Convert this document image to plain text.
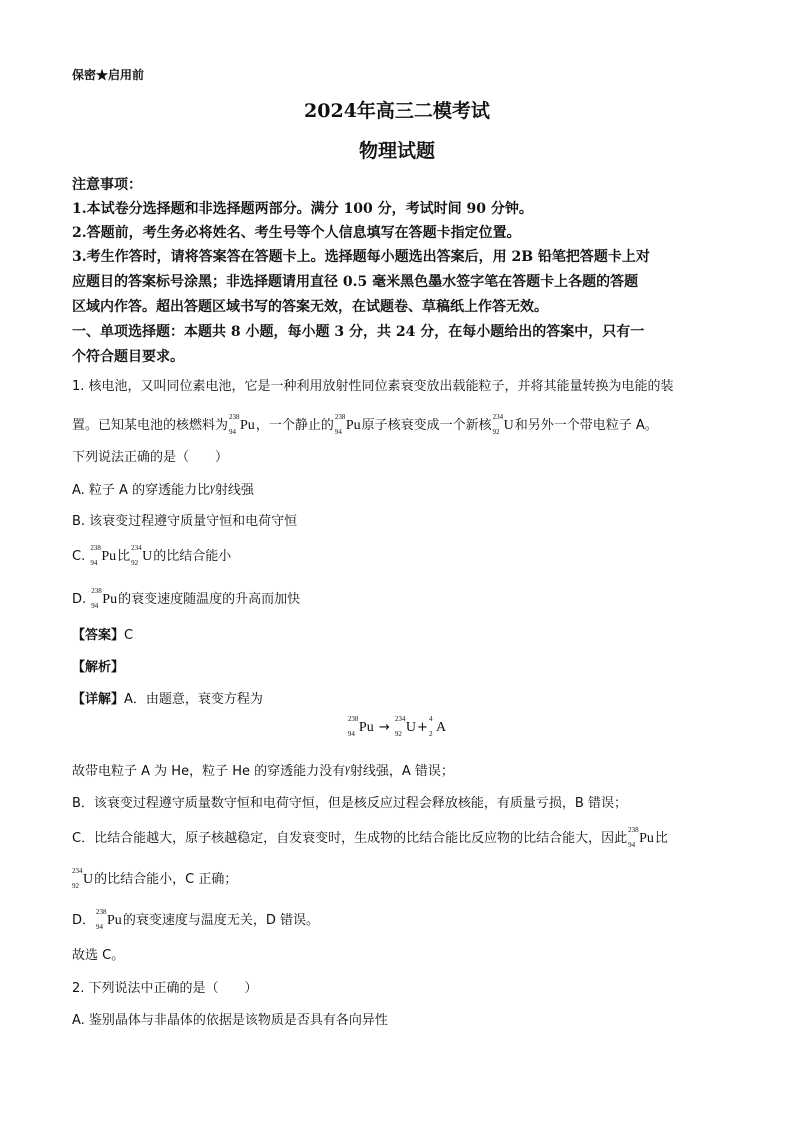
保密★启用前
2024年高三二模考试
物理试题
注意事项：
1.本试卷分选择题和非选择题两部分。满分 100 分，考试时间 90 分钟。
2.答题前，考生务必将姓名、考生号等个人信息填写在答题卡指定位置。
3.考生作答时，请将答案答在答题卡上。选择题每小题选出答案后，用 2B 铅笔把答题卡上对
应题目的答案标号涂黑；非选择题请用直径 0.5 毫米黑色墨水签字笔在答题卡上各题的答题
区域内作答。超出答题区域书写的答案无效，在试题卷、草稿纸上作答无效。
一、单项选择题：本题共 8 小题，每小题 3 分，共 24 分，在每小题给出的答案中，只有一
个符合题目要求。
1. 核电池，又叫同位素电池，它是一种利用放射性同位素衰变放出载能粒子，并将其能量转换为电能的装
置。已知某电池的核燃料为
238
94 Pu，一个静止的
238
94 Pu原子核衰变成一个新核
234
92 U和另外一个带电粒子 A。
下列说法正确的是（　　）
A. 粒子 A 的穿透能力比γ射线强
B. 该衰变过程遵守质量守恒和电荷守恒
C.
238
94 Pu比
234
92 U的比结合能小
D.
238
94 Pu的衰变速度随温度的升高而加快
【答案】C
【解析】
【详解】A．由题意，衰变方程为
238
94 Pu →
234
92 U+
4
2 A
故带电粒子 A 为 He，粒子 He 的穿透能力没有γ射线强，A 错误；
B．该衰变过程遵守质量数守恒和电荷守恒，但是核反应过程会释放核能，有质量亏损，B 错误；
C．比结合能越大，原子核越稳定，自发衰变时，生成物的比结合能比反应物的比结合能大，因此
238
94 Pu比
234
92 U的比结合能小，C 正确；
D．
238
94 Pu的衰变速度与温度无关，D 错误。
故选 C。
2. 下列说法中正确的是（　　）
A. 鉴别晶体与非晶体的依据是该物质是否具有各向异性
